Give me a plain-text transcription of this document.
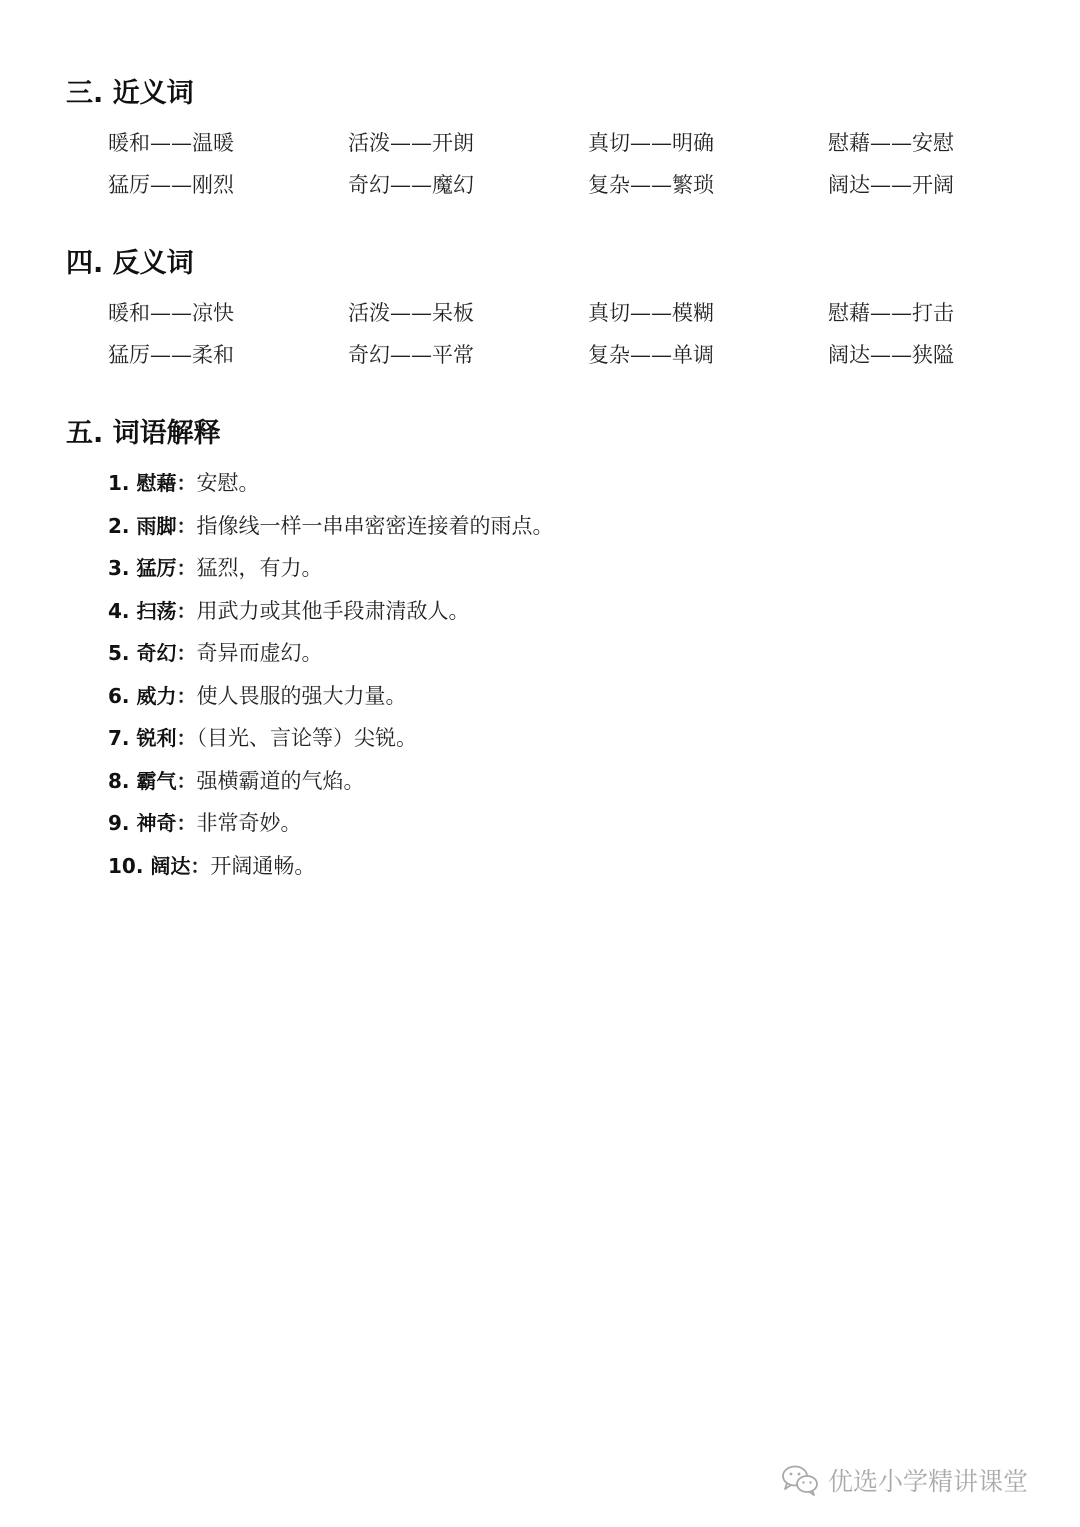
三. 近义词
暖和——温暖	活泼——开朗	真切——明确	慰藉——安慰
猛厉——刚烈	奇幻——魔幻	复杂——繁琐	阔达——开阔
四. 反义词
暖和——凉快	活泼——呆板	真切——模糊	慰藉——打击
猛厉——柔和	奇幻——平常	复杂——单调	阔达——狭隘
五. 词语解释
1. 慰藉：安慰。
2. 雨脚：指像线一样一串串密密连接着的雨点。
3. 猛厉：猛烈，有力。
4. 扫荡：用武力或其他手段肃清敌人。
5. 奇幻：奇异而虚幻。
6. 威力：使人畏服的强大力量。
7. 锐利：（目光、言论等）尖锐。
8. 霸气：强横霸道的气焰。
9. 神奇：非常奇妙。
10. 阔达：开阔通畅。
优选小学精讲课堂
